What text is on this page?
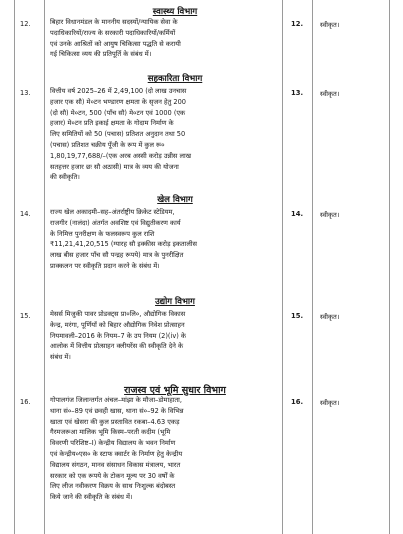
स्वास्थ्य विभाग
12.	बिहार विधानमंडल के माननीय सदस्यों/न्यायिक सेवा के
पदाधिकारियों/राज्य के सरकारी पदाधिकारियों/कर्मियों
एवं उनके आश्रितों को आयुष चिकित्सा पद्धति से करायी
गई चिकित्सा व्यय की प्रतिपूर्ति के संबंध में।
12.	स्वीकृत।
सहकारिता विभाग
13.	वित्तीय वर्ष 2025–26 में 2,49,100 (दो लाख उनचास
हजार एक सौ) मे०टन भण्डारण क्षमता के सृजन हेतु 200
(दो सौ) मे०टन, 500 (पाँच सौ) मे०टन एवं 1000 (एक
हजार) मे०टन प्रति इकाई क्षमता के गोदाम निर्माण के
लिए समितियों को 50 (पचास) प्रतिशत अनुदान तथा 50
(पचास) प्रतिशत चक्रीय पूँजी के रूप में कुल रू०
1,80,19,77,688/–(एक अरब अस्सी करोड़ उन्नीस लाख
सतहत्तर हजार छः सौ अठासी) मात्र के व्यय की योजना
की स्वीकृति।
13.	स्वीकृत।
खेल विभाग
14.	राज्य खेल अकादमी–सह–अंतर्राष्ट्रीय क्रिकेट स्टेडियम,
राजगीर (नालंदा) अंतर्गत अवशिष्ट एवं विद्युतीकरण कार्य
के निमित्त पुनरीक्षण के फलस्वरूप कुल राशि
₹11,21,41,20,515 (ग्यारह सौ इक्कीस करोड़ इकतालीस
लाख बीस हजार पाँच सौ पन्द्रह रूपये) मात्र के पुनरीक्षित
प्राक्कलन पर स्वीकृति प्रदान करने के संबंध में।
14.	स्वीकृत।
उद्योग विभाग
15.	मेसर्स मिजुकी पावर प्रोडक्ट्स प्रा०लि०, औद्योगिक विकास
केन्द्र, मरंगा, पूर्णियाँ को बिहार औद्योगिक निवेश प्रोत्साहन
नियमावली–2016 के नियम–7 के उप नियम (2)(iv) के
आलोक में वित्तीय प्रोत्साहन क्लीयरेंस की स्वीकृति देने के
संबंध में।
15.	स्वीकृत।
राजस्व एवं भूमि सुधार विभाग
16.	गोपालगंज जिलान्तर्गत अंचल–मांझा के मौजा–डोमाहाता,
थाना सं०–89 एवं छवही खास, थाना सं०–92 के विभिन्न
खाता एवं खेसरा की कुल प्रस्तावित रकबा–4.63 एकड़
गैरमजरूआ मालिक भूमि किस्म–परती कदीम (भूमि
विवरणी परिशिष्ट–I) केन्द्रीय विद्यालय के भवन निर्माण
एवं केन्द्रीय०एस० के स्टाफ क्वार्टर के निर्माण हेतु केन्द्रीय
विद्यालय संगठन, मानव संसाधन विकास मंत्रालय, भारत
सरकार को एक रूपये के टोकन मूल्य पर 30 वर्षों के
लिए लीज नवीकरण विक्रय के साथ निःशुल्क बंदोबस्त
किये जाने की स्वीकृति के संबंध में।
16.	स्वीकृत।
